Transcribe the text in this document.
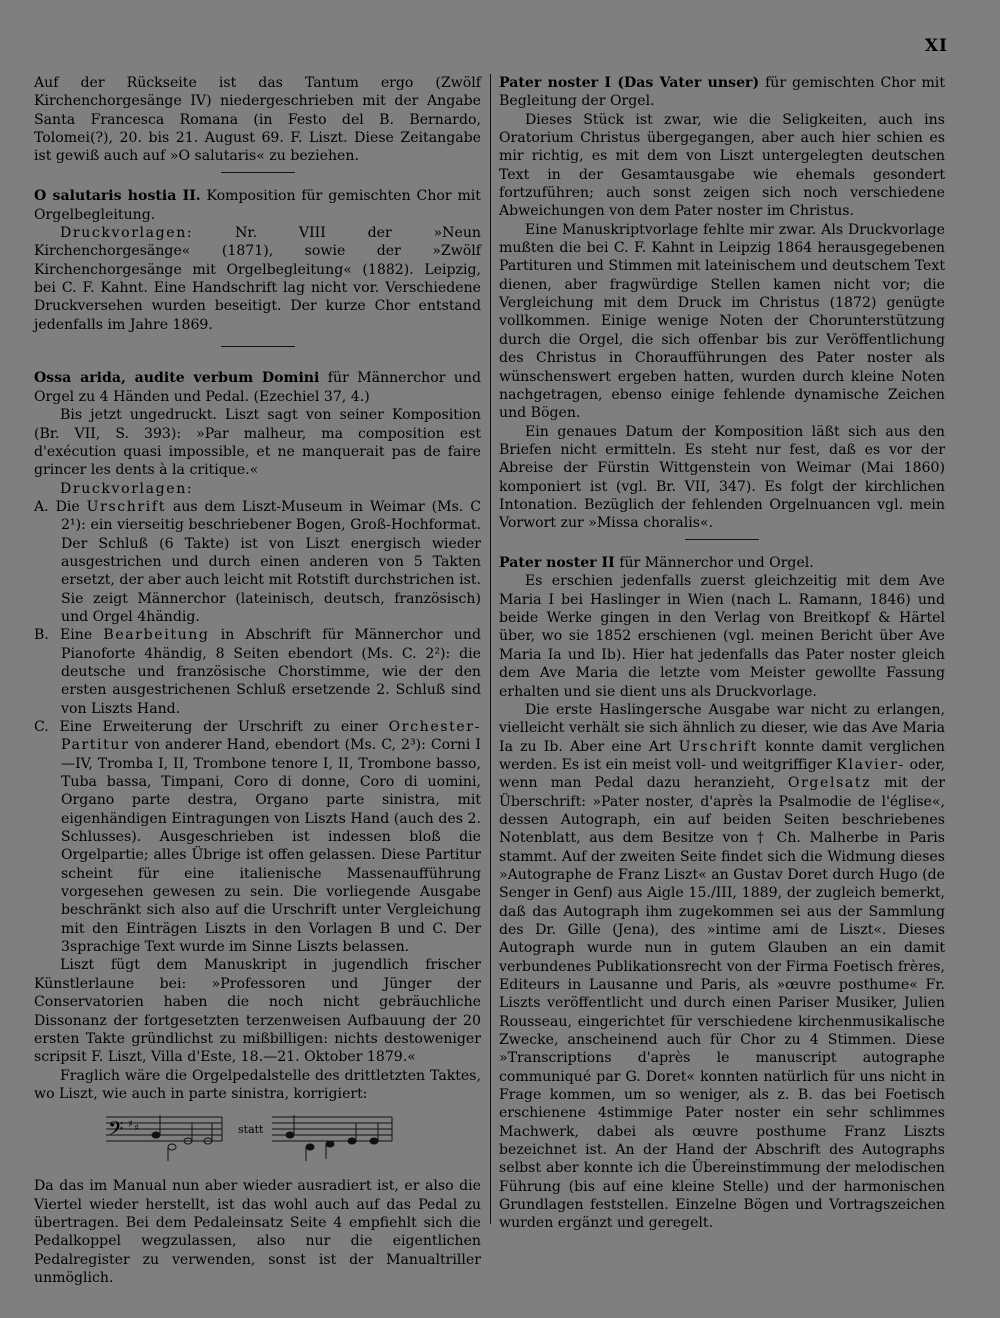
XI

Auf der Rückseite ist das Tantum ergo (Zwölf Kirchenchorgesänge IV) niedergeschrieben mit der Angabe Santa Francesca Romana (in Festo del B. Bernardo, Tolomei(?), 20. bis 21. August 69. F. Liszt. Diese Zeitangabe ist gewiß auch auf »O salutaris« zu beziehen.

O salutaris hostia II. Komposition für gemischten Chor mit Orgelbegleitung.

Druckvorlagen: Nr. VIII der »Neun Kirchenchorgesänge« (1871), sowie der »Zwölf Kirchenchorgesänge mit Orgelbegleitung« (1882). Leipzig, bei C. F. Kahnt. Eine Handschrift lag nicht vor. Verschiedene Druckversehen wurden beseitigt. Der kurze Chor entstand jedenfalls im Jahre 1869.

Ossa arida, audite verbum Domini für Männerchor und Orgel zu 4 Händen und Pedal. (Ezechiel 37, 4.)

Bis jetzt ungedruckt. Liszt sagt von seiner Komposition (Br. VII, S. 393): »Par malheur, ma composition est d'exécution quasi impossible, et ne manquerait pas de faire grincer les dents à la critique.«

Druckvorlagen:

A. Die Urschrift aus dem Liszt-Museum in Weimar (Ms. C 2¹): ein vierseitig beschriebener Bogen, Groß-Hochformat. Der Schluß (6 Takte) ist von Liszt energisch wieder ausgestrichen und durch einen anderen von 5 Takten ersetzt, der aber auch leicht mit Rotstift durchstrichen ist. Sie zeigt Männerchor (lateinisch, deutsch, französisch) und Orgel 4händig.

B. Eine Bearbeitung in Abschrift für Männerchor und Pianoforte 4händig, 8 Seiten ebendort (Ms. C. 2²): die deutsche und französische Chorstimme, wie der den ersten ausgestrichenen Schluß ersetzende 2. Schluß sind von Liszts Hand.

C. Eine Erweiterung der Urschrift zu einer Orchester-Partitur von anderer Hand, ebendort (Ms. C, 2³): Corni I—IV, Tromba I, II, Trombone tenore I, II, Trombone basso, Tuba bassa, Timpani, Coro di donne, Coro di uomini, Organo parte destra, Organo parte sinistra, mit eigenhändigen Eintragungen von Liszts Hand (auch des 2. Schlusses). Ausgeschrieben ist indessen bloß die Orgelpartie; alles Übrige ist offen gelassen. Diese Partitur scheint für eine italienische Massenaufführung vorgesehen gewesen zu sein. Die vorliegende Ausgabe beschränkt sich also auf die Urschrift unter Vergleichung mit den Einträgen Liszts in den Vorlagen B und C. Der 3sprachige Text wurde im Sinne Liszts belassen.

Liszt fügt dem Manuskript in jugendlich frischer Künstlerlaune bei: »Professoren und Jünger der Conservatorien haben die noch nicht gebräuchliche Dissonanz der fortgesetzten terzenweisen Aufbauung der 20 ersten Takte gründlichst zu mißbilligen: nichts destoweniger scripsit F. Liszt, Villa d'Este, 18.—21. Oktober 1879.«

Fraglich wäre die Orgelpedalstelle des drittletzten Taktes, wo Liszt, wie auch in parte sinistra, korrigiert:

𝄢 ♯ ♯	statt

Da das im Manual nun aber wieder ausradiert ist, er also die Viertel wieder herstellt, ist das wohl auch auf das Pedal zu übertragen. Bei dem Pedaleinsatz Seite 4 empfiehlt sich die Pedalkoppel wegzulassen, also nur die eigentlichen Pedalregister zu verwenden, sonst ist der Manualtriller unmöglich.

Pater noster I (Das Vater unser) für gemischten Chor mit Begleitung der Orgel.

Dieses Stück ist zwar, wie die Seligkeiten, auch ins Oratorium Christus übergegangen, aber auch hier schien es mir richtig, es mit dem von Liszt untergelegten deutschen Text in der Gesamtausgabe wie ehemals gesondert fortzuführen; auch sonst zeigen sich noch verschiedene Abweichungen von dem Pater noster im Christus.

Eine Manuskriptvorlage fehlte mir zwar. Als Druckvorlage mußten die bei C. F. Kahnt in Leipzig 1864 herausgegebenen Partituren und Stimmen mit lateinischem und deutschem Text dienen, aber fragwürdige Stellen kamen nicht vor; die Vergleichung mit dem Druck im Christus (1872) genügte vollkommen. Einige wenige Noten der Chorunterstützung durch die Orgel, die sich offenbar bis zur Veröffentlichung des Christus in Choraufführungen des Pater noster als wünschenswert ergeben hatten, wurden durch kleine Noten nachgetragen, ebenso einige fehlende dynamische Zeichen und Bögen.

Ein genaues Datum der Komposition läßt sich aus den Briefen nicht ermitteln. Es steht nur fest, daß es vor der Abreise der Fürstin Wittgenstein von Weimar (Mai 1860) komponiert ist (vgl. Br. VII, 347). Es folgt der kirchlichen Intonation. Bezüglich der fehlenden Orgelnuancen vgl. mein Vorwort zur »Missa choralis«.

Pater noster II für Männerchor und Orgel.

Es erschien jedenfalls zuerst gleichzeitig mit dem Ave Maria I bei Haslinger in Wien (nach L. Ramann, 1846) und beide Werke gingen in den Verlag von Breitkopf & Härtel über, wo sie 1852 erschienen (vgl. meinen Bericht über Ave Maria Ia und Ib). Hier hat jedenfalls das Pater noster gleich dem Ave Maria die letzte vom Meister gewollte Fassung erhalten und sie dient uns als Druckvorlage.

Die erste Haslingersche Ausgabe war nicht zu erlangen, vielleicht verhält sie sich ähnlich zu dieser, wie das Ave Maria Ia zu Ib. Aber eine Art Urschrift konnte damit verglichen werden. Es ist ein meist voll- und weitgriffiger Klavier- oder, wenn man Pedal dazu heranzieht, Orgelsatz mit der Überschrift: »Pater noster, d'après la Psalmodie de l'église«, dessen Autograph, ein auf beiden Seiten beschriebenes Notenblatt, aus dem Besitze von † Ch. Malherbe in Paris stammt. Auf der zweiten Seite findet sich die Widmung dieses »Autographe de Franz Liszt« an Gustav Doret durch Hugo (de Senger in Genf) aus Aigle 15./III, 1889, der zugleich bemerkt, daß das Autograph ihm zugekommen sei aus der Sammlung des Dr. Gille (Jena), des »intime ami de Liszt«. Dieses Autograph wurde nun in gutem Glauben an ein damit verbundenes Publikationsrecht von der Firma Foetisch frères, Editeurs in Lausanne und Paris, als »œuvre posthume« Fr. Liszts veröffentlicht und durch einen Pariser Musiker, Julien Rousseau, eingerichtet für verschiedene kirchenmusikalische Zwecke, anscheinend auch für Chor zu 4 Stimmen. Diese »Transcriptions d'après le manuscript autographe communiqué par G. Doret« konnten natürlich für uns nicht in Frage kommen, um so weniger, als z. B. das bei Foetisch erschienene 4stimmige Pater noster ein sehr schlimmes Machwerk, dabei als œuvre posthume Franz Liszts bezeichnet ist. An der Hand der Abschrift des Autographs selbst aber konnte ich die Übereinstimmung der melodischen Führung (bis auf eine kleine Stelle) und der harmonischen Grundlagen feststellen. Einzelne Bögen und Vortragszeichen wurden ergänzt und geregelt.
